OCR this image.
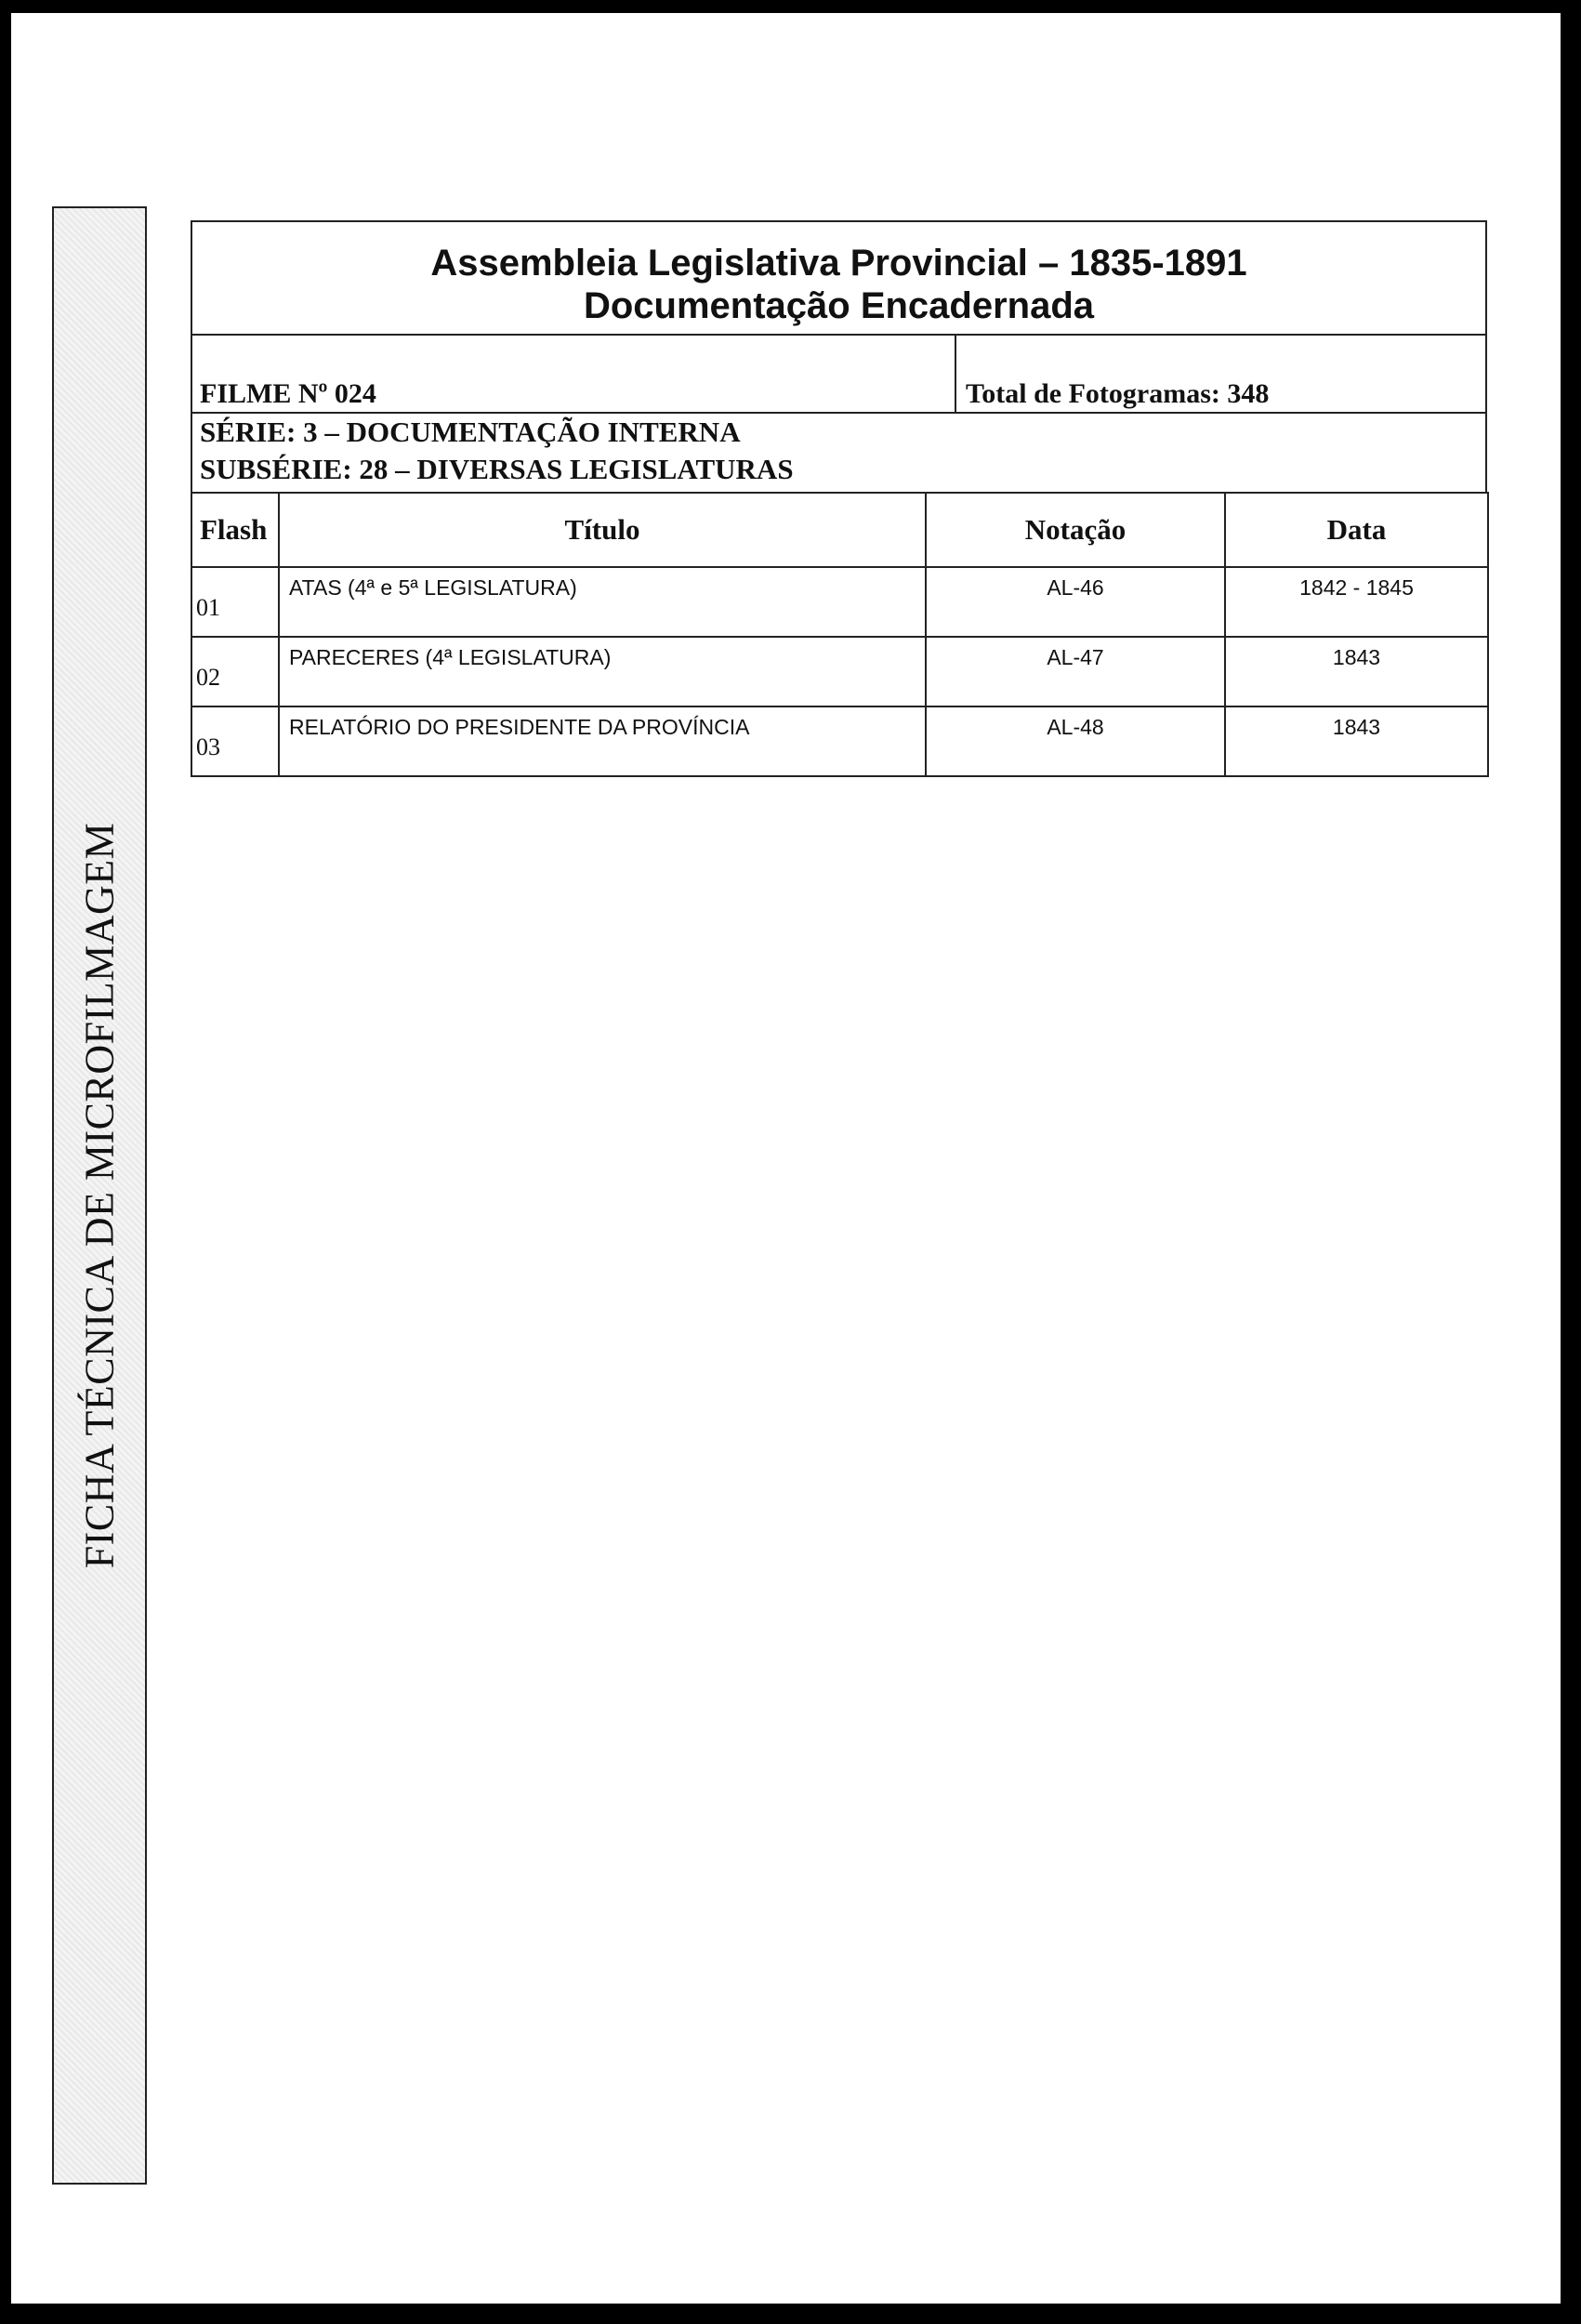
FICHA TÉCNICA DE MICROFILMAGEM
Assembleia Legislativa Provincial – 1835-1891
Documentação Encadernada
FILME Nº 024	Total de Fotogramas: 348
SÉRIE: 3 – DOCUMENTAÇÃO INTERNA
SUBSÉRIE: 28 – DIVERSAS LEGISLATURAS
Flash	Título	Notação	Data

01	ATAS (4ª e 5ª LEGISLATURA)	AL-46	1842 - 1845

02	PARECERES (4ª LEGISLATURA)	AL-47	1843

03	RELATÓRIO DO PRESIDENTE DA PROVÍNCIA	AL-48	1843
